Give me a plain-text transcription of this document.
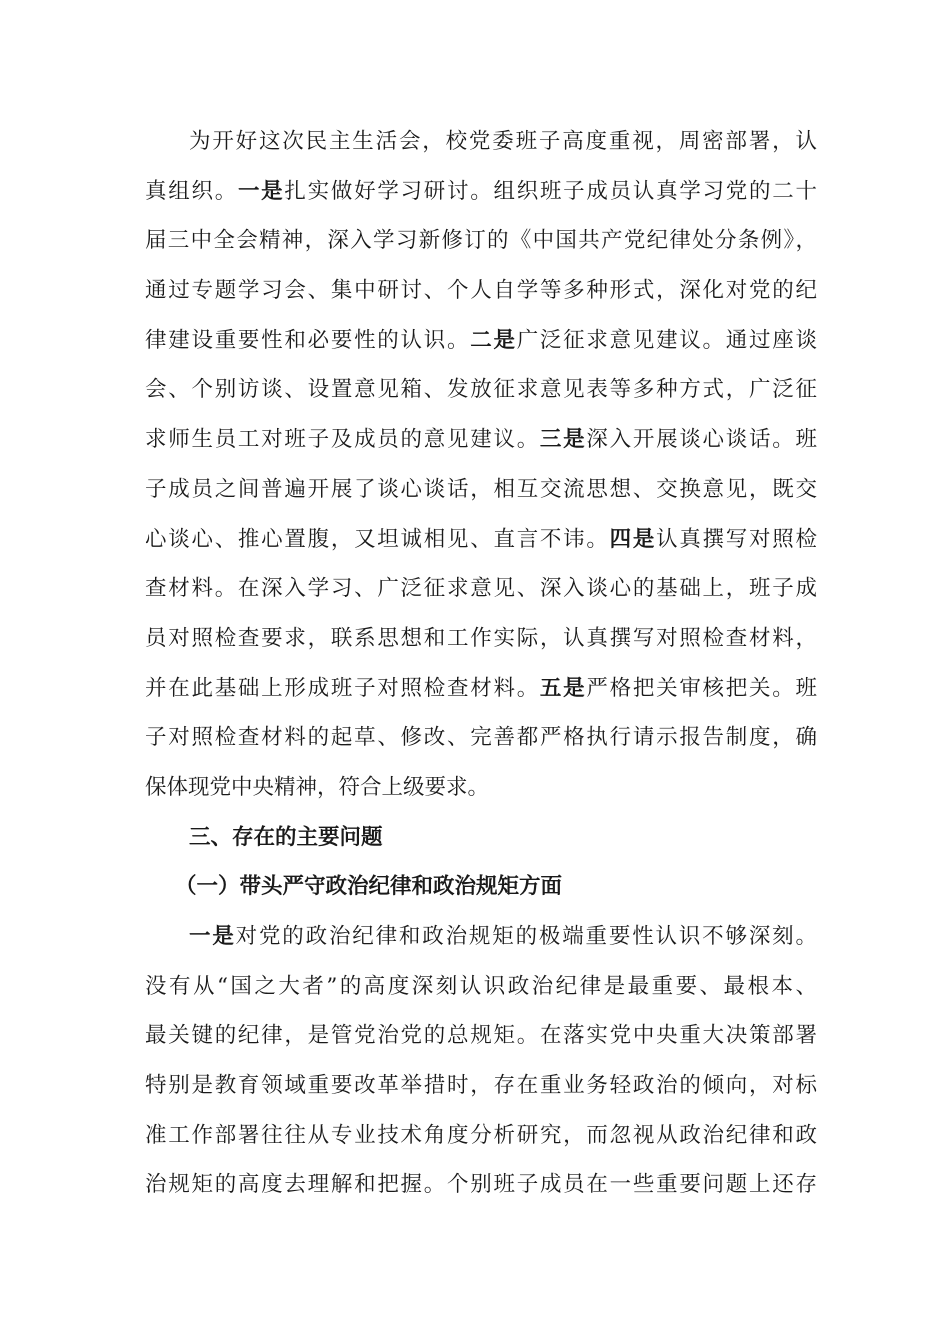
为开好这次民主生活会，校党委班子高度重视，周密部署，认
真组织。一是扎实做好学习研讨。组织班子成员认真学习党的二十
届三中全会精神，深入学习新修订的《中国共产党纪律处分条例》，
通过专题学习会、集中研讨、个人自学等多种形式，深化对党的纪
律建设重要性和必要性的认识。二是广泛征求意见建议。通过座谈
会、个别访谈、设置意见箱、发放征求意见表等多种方式，广泛征
求师生员工对班子及成员的意见建议。三是深入开展谈心谈话。班
子成员之间普遍开展了谈心谈话，相互交流思想、交换意见，既交
心谈心、推心置腹，又坦诚相见、直言不讳。四是认真撰写对照检
查材料。在深入学习、广泛征求意见、深入谈心的基础上，班子成
员对照检查要求，联系思想和工作实际，认真撰写对照检查材料，
并在此基础上形成班子对照检查材料。五是严格把关审核把关。班
子对照检查材料的起草、修改、完善都严格执行请示报告制度，确
保体现党中央精神，符合上级要求。
三、存在的主要问题
（一）带头严守政治纪律和政治规矩方面
一是对党的政治纪律和政治规矩的极端重要性认识不够深刻。
没有从“国之大者”的高度深刻认识政治纪律是最重要、最根本、
最关键的纪律，是管党治党的总规矩。在落实党中央重大决策部署
特别是教育领域重要改革举措时，存在重业务轻政治的倾向，对标
准工作部署往往从专业技术角度分析研究，而忽视从政治纪律和政
治规矩的高度去理解和把握。个别班子成员在一些重要问题上还存
